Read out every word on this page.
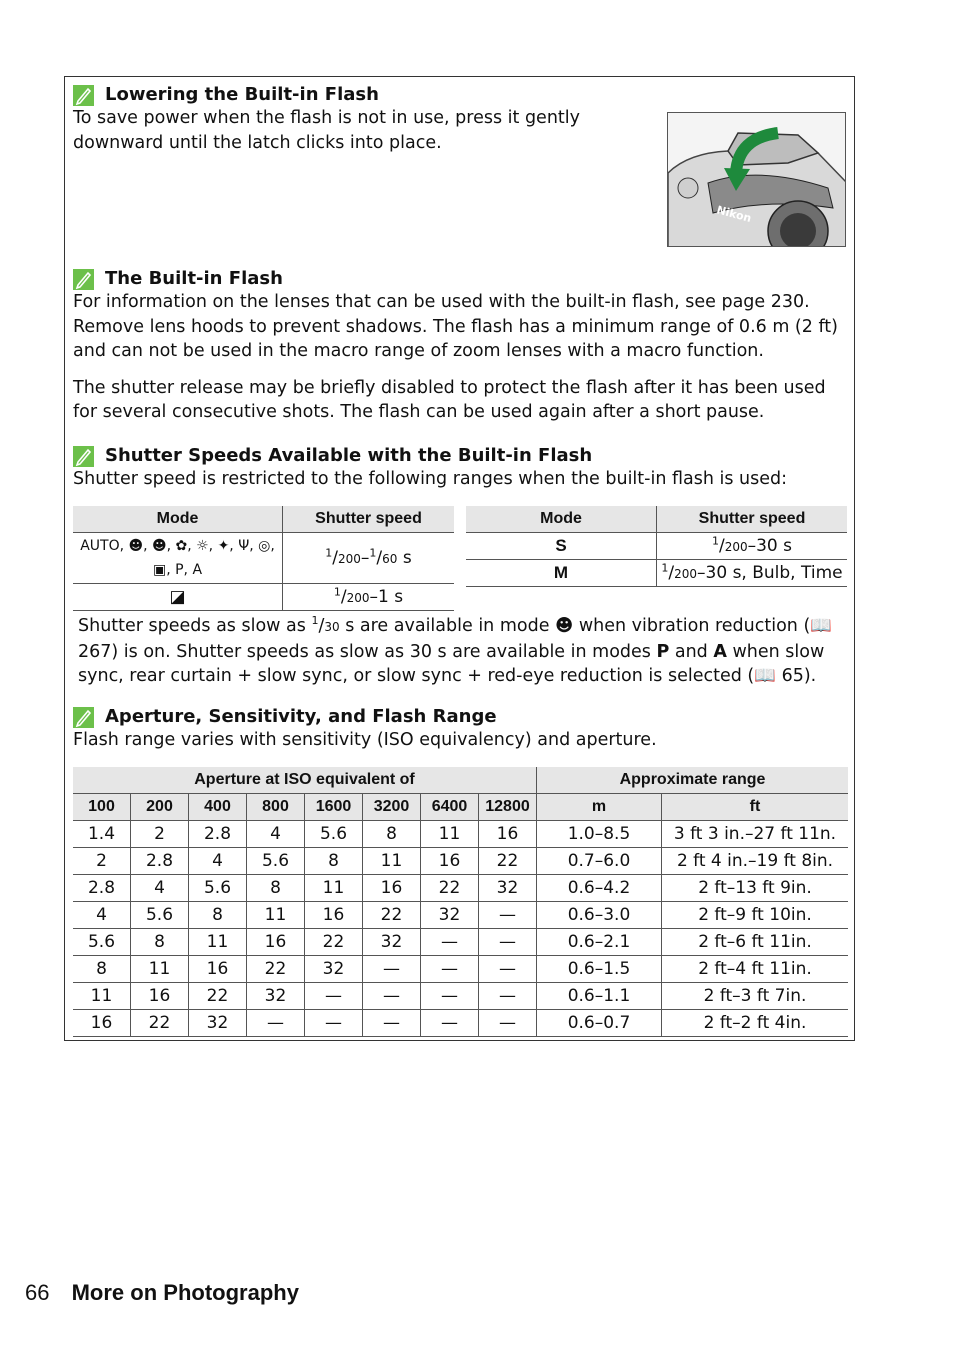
Lowering the Built-in Flash

To save power when the flash is not in use, press it gently downward until the latch clicks into place.

Nikon
The Built-in Flash

For information on the lenses that can be used with the built-in flash, see page 230. Remove lens hoods to prevent shadows. The flash has a minimum range of 0.6 m (2 ft) and can not be used in the macro range of zoom lenses with a macro function.

The shutter release may be briefly disabled to protect the flash after it has been used for several consecutive shots. The flash can be used again after a short pause.

Shutter Speeds Available with the Built-in Flash

Shutter speed is restricted to the following ranges when the built-in flash is used:

Mode	Shutter speed
AUTO, ☻, ☻, ✿, ☼, ✦, Ψ, ◎, ▣, P, A	$^1$/200–$^1$/60 s
◪	$^1$/200–1 s
Mode	Shutter speed
S	$^1$/200–30 s
M	$^1$/200–30 s, Bulb, Time
Shutter speeds as slow as $^1$/30 s are available in mode ☻ when vibration reduction (📖 267) is on. Shutter speeds as slow as 30 s are available in modes P and A when slow sync, rear curtain + slow sync, or slow sync + red-eye reduction is selected (📖 65).
Aperture, Sensitivity, and Flash Range

Flash range varies with sensitivity (ISO equivalency) and aperture.

Aperture at ISO equivalent of								Approximate range	
100	200	400	800	1600	3200	6400	12800	m	ft
1.4	2	2.8	4	5.6	8	11	16	1.0–8.5	3 ft 3 in.–27 ft 11n.
2	2.8	4	5.6	8	11	16	22	0.7–6.0	2 ft 4 in.–19 ft 8in.
2.8	4	5.6	8	11	16	22	32	0.6–4.2	2 ft–13 ft 9in.
4	5.6	8	11	16	22	32	—	0.6–3.0	2 ft–9 ft 10in.
5.6	8	11	16	22	32	—	—	0.6–2.1	2 ft–6 ft 11in.
8	11	16	22	32	—	—	—	0.6–1.5	2 ft–4 ft 11in.
11	16	22	32	—	—	—	—	0.6–1.1	2 ft–3 ft 7in.
16	22	32	—	—	—	—	—	0.6–0.7	2 ft–2 ft 4in.
66 More on Photography
